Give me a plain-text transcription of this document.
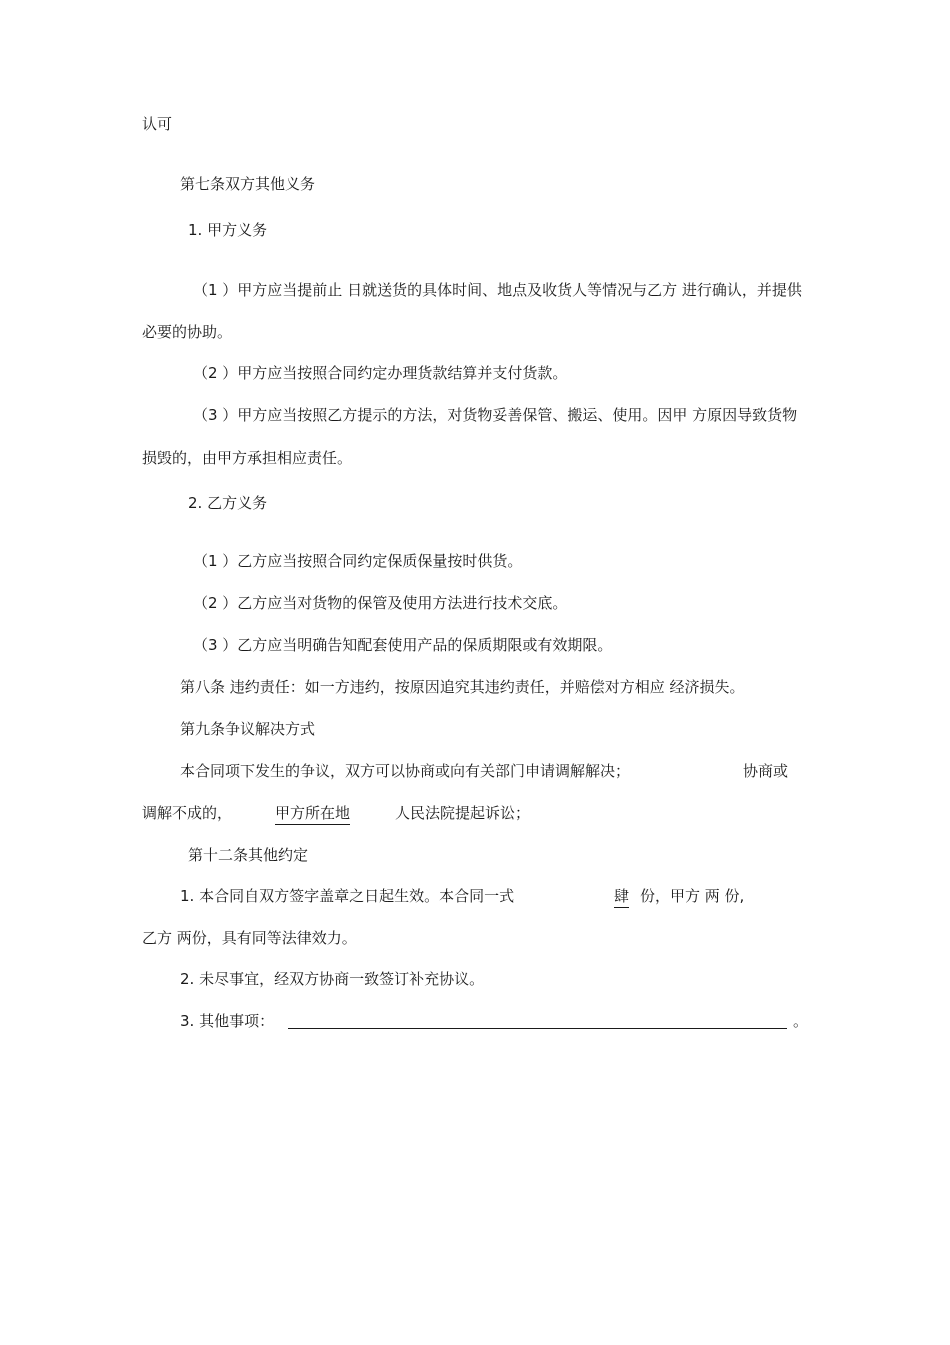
认可
第七条双方其他义务
1. 甲方义务
（1 ）甲方应当提前止 日就送货的具体时间、地点及收货人等情况与乙方 进行确认，并提供
必要的协助。
（2 ）甲方应当按照合同约定办理货款结算并支付货款。
（3 ）甲方应当按照乙方提示的方法，对货物妥善保管、搬运、使用。因甲 方原因导致货物
损毁的，由甲方承担相应责任。
2. 乙方义务
（1 ）乙方应当按照合同约定保质保量按时供货。
（2 ）乙方应当对货物的保管及使用方法进行技术交底。
（3 ）乙方应当明确告知配套使用产品的保质期限或有效期限。
第八条 违约责任：如一方违约，按原因追究其违约责任，并赔偿对方相应 经济损失。
第九条争议解决方式
本合同项下发生的争议，双方可以协商或向有关部门申请调解解决；	协商或
调解不成的，	甲方所在地	人民法院提起诉讼；
第十二条其他约定
1. 本合同自双方签字盖章之日起生效。本合同一式	肆 份，甲方 两 份,
乙方 两份，具有同等法律效力。
2. 未尽事宜，经双方协商一致签订补充协议。
3. 其他事项：	。
